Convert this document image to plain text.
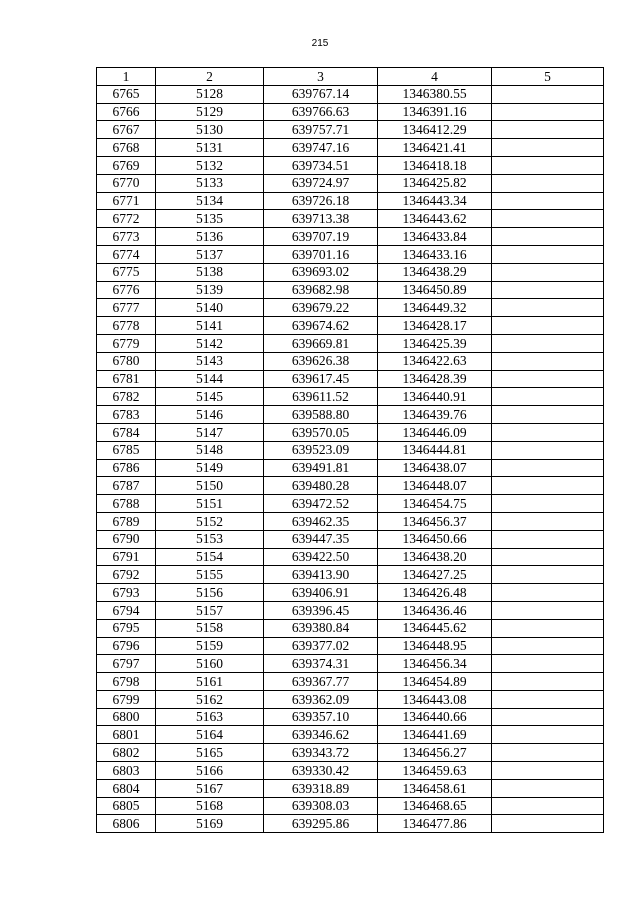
215
1	2	3	4	5
6765	5128	639767.14	1346380.55	
6766	5129	639766.63	1346391.16	
6767	5130	639757.71	1346412.29	
6768	5131	639747.16	1346421.41	
6769	5132	639734.51	1346418.18	
6770	5133	639724.97	1346425.82	
6771	5134	639726.18	1346443.34	
6772	5135	639713.38	1346443.62	
6773	5136	639707.19	1346433.84	
6774	5137	639701.16	1346433.16	
6775	5138	639693.02	1346438.29	
6776	5139	639682.98	1346450.89	
6777	5140	639679.22	1346449.32	
6778	5141	639674.62	1346428.17	
6779	5142	639669.81	1346425.39	
6780	5143	639626.38	1346422.63	
6781	5144	639617.45	1346428.39	
6782	5145	639611.52	1346440.91	
6783	5146	639588.80	1346439.76	
6784	5147	639570.05	1346446.09	
6785	5148	639523.09	1346444.81	
6786	5149	639491.81	1346438.07	
6787	5150	639480.28	1346448.07	
6788	5151	639472.52	1346454.75	
6789	5152	639462.35	1346456.37	
6790	5153	639447.35	1346450.66	
6791	5154	639422.50	1346438.20	
6792	5155	639413.90	1346427.25	
6793	5156	639406.91	1346426.48	
6794	5157	639396.45	1346436.46	
6795	5158	639380.84	1346445.62	
6796	5159	639377.02	1346448.95	
6797	5160	639374.31	1346456.34	
6798	5161	639367.77	1346454.89	
6799	5162	639362.09	1346443.08	
6800	5163	639357.10	1346440.66	
6801	5164	639346.62	1346441.69	
6802	5165	639343.72	1346456.27	
6803	5166	639330.42	1346459.63	
6804	5167	639318.89	1346458.61	
6805	5168	639308.03	1346468.65	
6806	5169	639295.86	1346477.86	
